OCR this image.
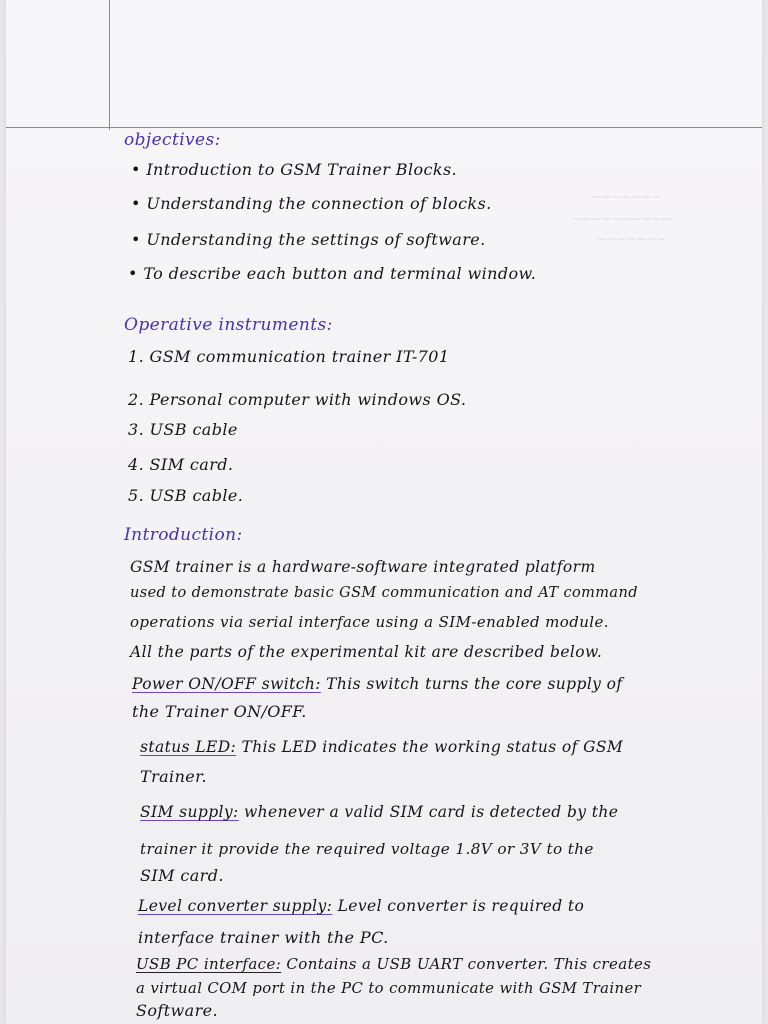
~~~~~~~
~~~~~~~~~~
~~~~~~~
objectives:
• Introduction to GSM Trainer Blocks.
• Understanding the connection of blocks.
• Understanding the settings of software.
• To describe each button and terminal window.
Operative instruments:
1. GSM communication trainer IT-701
2. Personal computer with windows OS.
3. USB cable
4. SIM card.
5. USB cable.
Introduction:
GSM trainer is a hardware-software integrated platform
used to demonstrate basic GSM communication and AT command
operations via serial interface using a SIM-enabled module.
All the parts of the experimental kit are described below.
Power ON/OFF switch: This switch turns the core supply of
the Trainer ON/OFF.
status LED: This LED indicates the working status of GSM
Trainer.
SIM supply: whenever a valid SIM card is detected by the
trainer it provide the required voltage 1.8V or 3V to the
SIM card.
Level converter supply: Level converter is required to
interface trainer with the PC.
USB PC interface: Contains a USB UART converter. This creates
a virtual COM port in the PC to communicate with GSM Trainer
Software.
